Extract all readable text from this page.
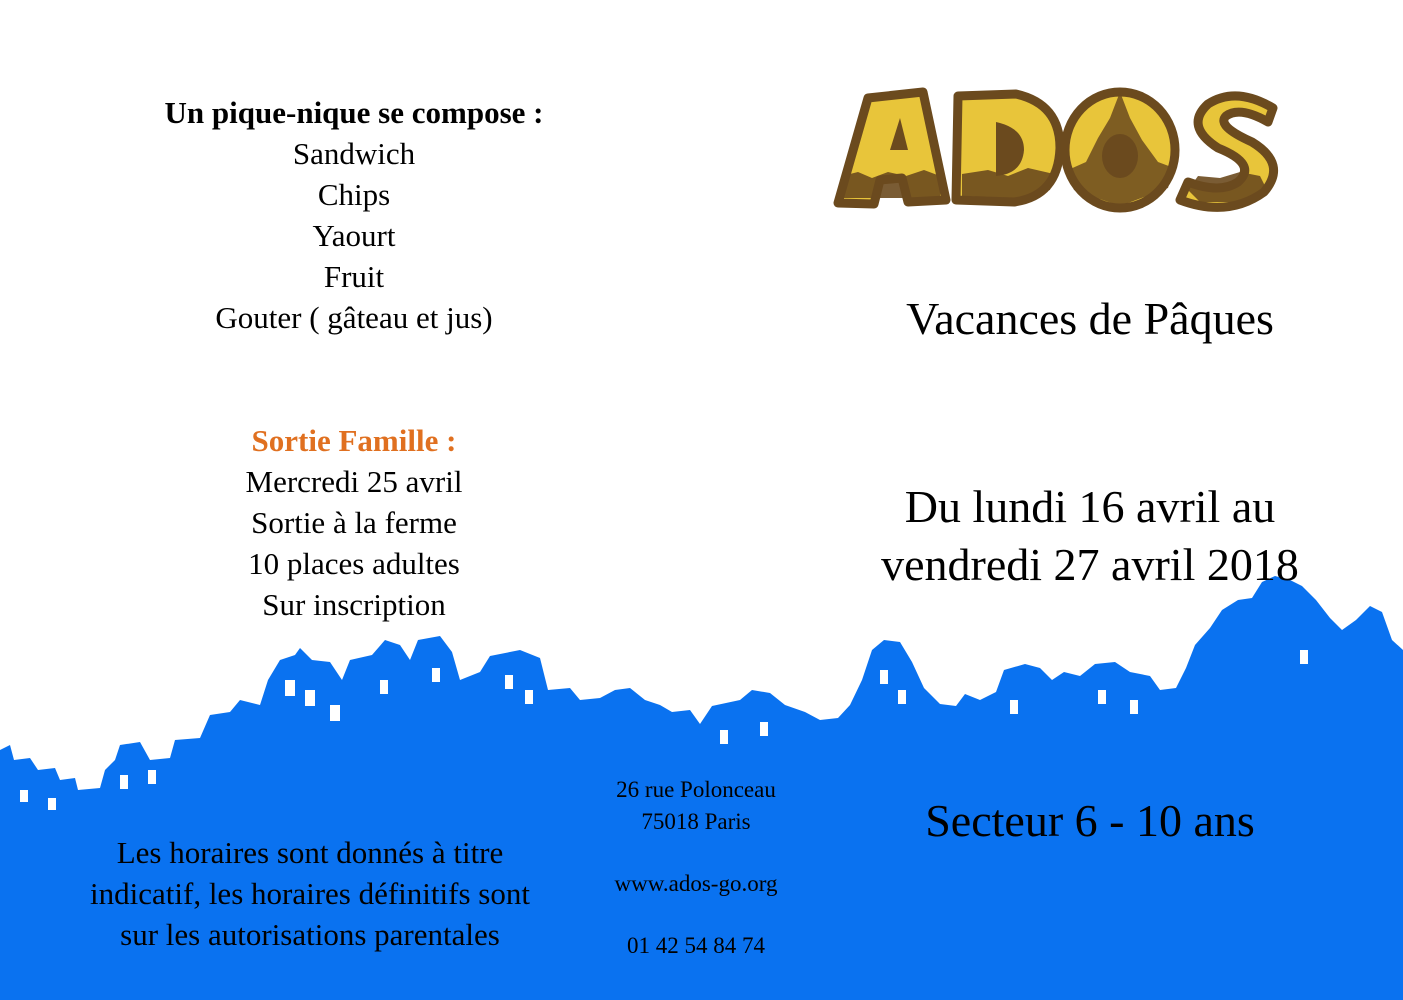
Un pique-nique se compose :
Sandwich
Chips
Yaourt
Fruit
Gouter ( gâteau et jus)
Sortie Famille :
Mercredi 25 avril
Sortie à la ferme
10 places adultes
Sur inscription
Vacances de Pâques
Du lundi 16 avril au
vendredi 27 avril 2018
Secteur 6 - 10 ans
26 rue Polonceau
75018 Paris
www.ados-go.org
01 42 54 84 74
Les horaires sont donnés à titre
indicatif, les horaires définitifs sont
sur les autorisations parentales
